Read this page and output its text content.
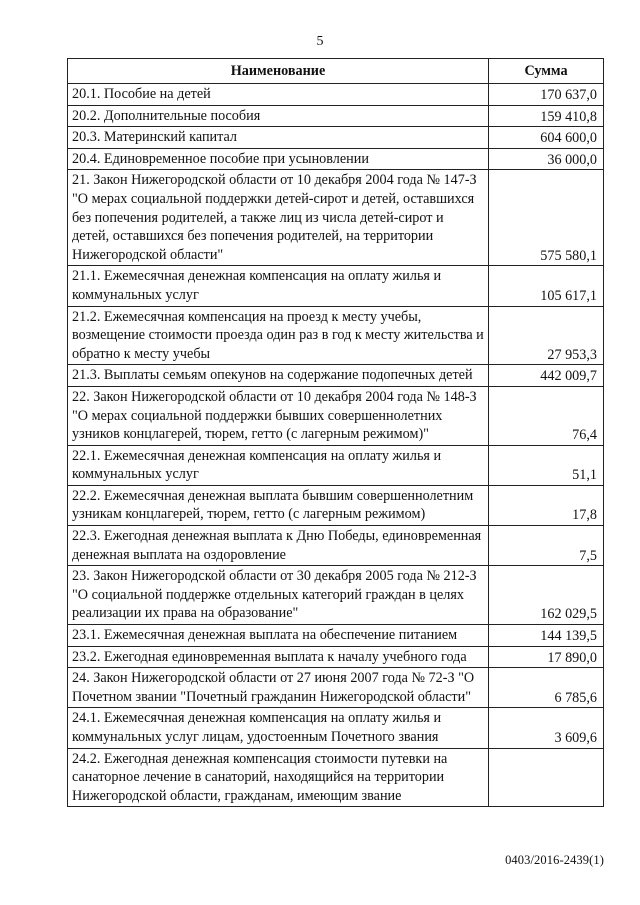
5
Наименование	Сумма
20.1. Пособие на детей	170 637,0
20.2. Дополнительные пособия	159 410,8
20.3. Материнский капитал	604 600,0
20.4. Единовременное пособие при усыновлении	36 000,0
21. Закон Нижегородской области от 10 декабря 2004 года № 147-З "О мерах социальной поддержки детей-сирот и детей, оставшихся без попечения родителей, а также лиц из числа детей-сирот и детей, оставшихся без попечения родителей, на территории Нижегородской области"	575 580,1
21.1. Ежемесячная денежная компенсация на оплату жилья и коммунальных услуг	105 617,1
21.2. Ежемесячная компенсация на проезд к месту учебы, возмещение стоимости проезда один раз в год к месту жительства и обратно к месту учебы	27 953,3
21.3. Выплаты семьям опекунов на содержание подопечных детей	442 009,7
22. Закон Нижегородской области от 10 декабря 2004 года № 148-З "О мерах социальной поддержки бывших совершеннолетних узников концлагерей, тюрем, гетто (с лагерным режимом)"	76,4
22.1. Ежемесячная денежная компенсация на оплату жилья и коммунальных услуг	51,1
22.2. Ежемесячная денежная выплата бывшим совершеннолетним узникам концлагерей, тюрем, гетто (с лагерным режимом)	17,8
22.3. Ежегодная денежная выплата к Дню Победы, единовременная денежная выплата на оздоровление	7,5
23. Закон Нижегородской области от 30 декабря 2005 года № 212-З "О социальной поддержке отдельных категорий граждан в целях реализации их права на образование"	162 029,5
23.1. Ежемесячная денежная выплата на обеспечение питанием	144 139,5
23.2. Ежегодная единовременная выплата к началу учебного года	17 890,0
24. Закон Нижегородской области от 27 июня 2007 года № 72-З "О Почетном звании "Почетный гражданин Нижегородской области"	6 785,6
24.1. Ежемесячная денежная компенсация на оплату жилья и коммунальных услуг лицам, удостоенным Почетного звания	3 609,6
24.2. Ежегодная денежная компенсация стоимости путевки на санаторное лечение в санаторий, находящийся на территории Нижегородской области, гражданам, имеющим звание	
0403/2016-2439(1)
